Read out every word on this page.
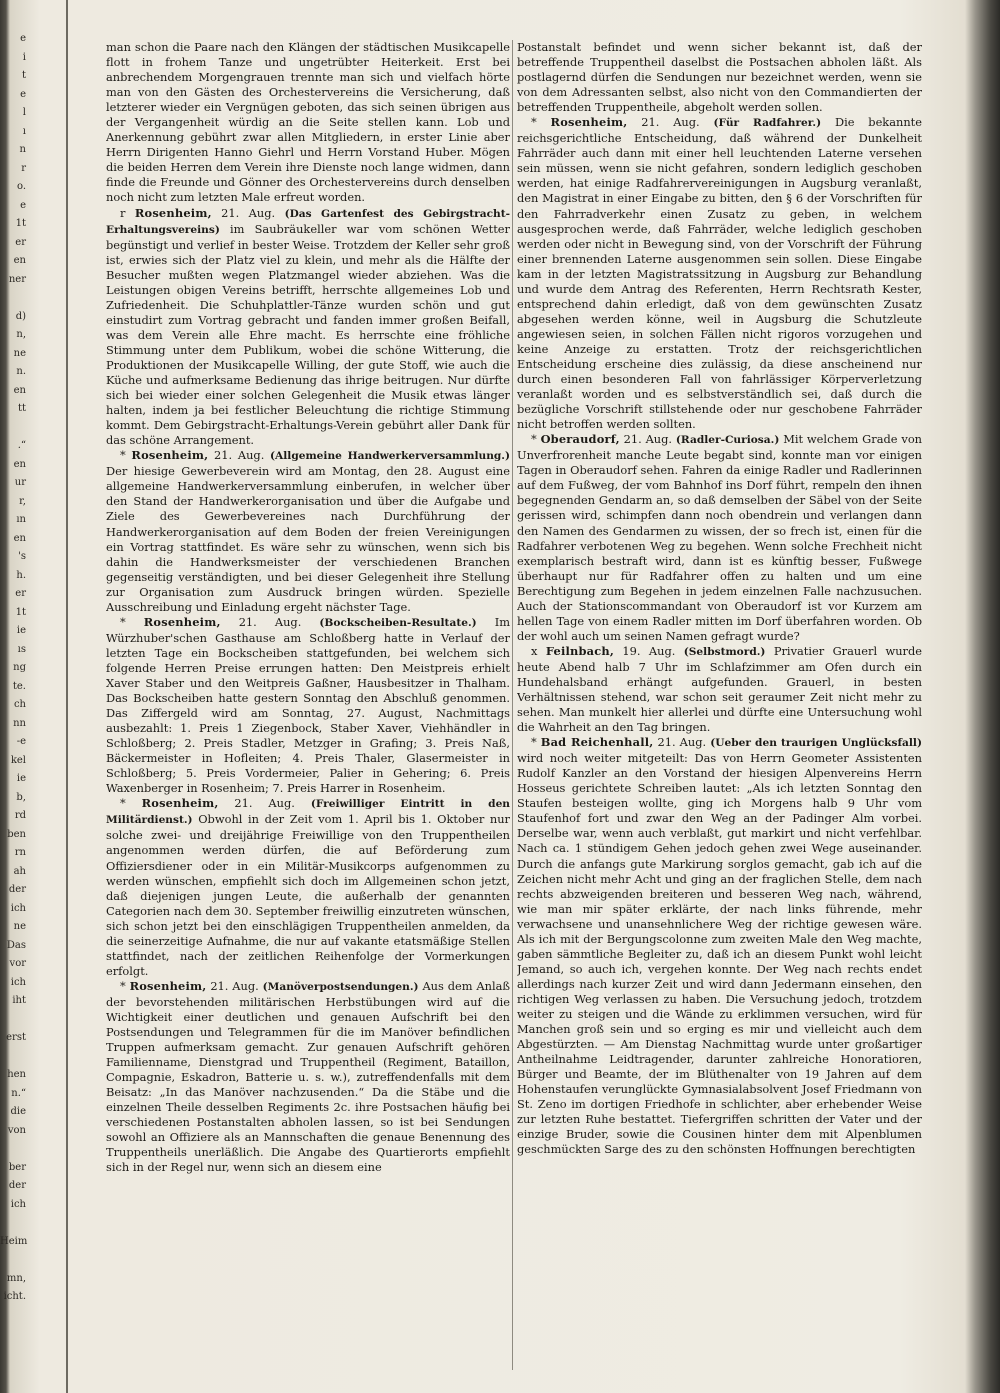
e
i
t
e
l
ı
n
r
o.
e
1t
er
en
ner

d)
n,
ne
n.
en
tt

.“
en
ur
r,
ın
en
's
h.
er
1t
ie
ıs
ng
te.
ch
nn
-e
kel
ie
b,
rd
ben
rn
ah
der
ich
ne
Das
vor
ich
iht

erst

hen
n.“
die
von

ber
der
ich

Heim

mn,
icht.

man schon die Paare nach den Klängen der städtischen Musikcapelle flott in frohem Tanze und ungetrübter Heiterkeit. Erst bei anbrechendem Morgengrauen trennte man sich und vielfach hörte man von den Gästen des Orchestervereins die Versicherung, daß letzterer wieder ein Vergnügen geboten, das sich seinen übrigen aus der Vergangenheit würdig an die Seite stellen kann. Lob und Anerkennung gebührt zwar allen Mitgliedern, in erster Linie aber Herrn Dirigenten Hanno Giehrl und Herrn Vorstand Huber. Mögen die beiden Herren dem Verein ihre Dienste noch lange widmen, dann finde die Freunde und Gönner des Orchestervereins durch denselben noch nicht zum letzten Male erfreut worden.

r Rosenheim, 21. Aug. (Das Gartenfest des Gebirgstracht-Erhaltungsvereins) im Saubräukeller war vom schönen Wetter begünstigt und verlief in bester Weise. Trotzdem der Keller sehr groß ist, erwies sich der Platz viel zu klein, und mehr als die Hälfte der Besucher mußten wegen Platzmangel wieder abziehen. Was die Leistungen obigen Vereins betrifft, herrschte allgemeines Lob und Zufriedenheit. Die Schuhplattler-Tänze wurden schön und gut einstudirt zum Vortrag gebracht und fanden immer großen Beifall, was dem Verein alle Ehre macht. Es herrschte eine fröhliche Stimmung unter dem Publikum, wobei die schöne Witterung, die Produktionen der Musikcapelle Willing, der gute Stoff, wie auch die Küche und aufmerksame Bedienung das ihrige beitrugen. Nur dürfte sich bei wieder einer solchen Gelegenheit die Musik etwas länger halten, indem ja bei festlicher Beleuchtung die richtige Stimmung kommt. Dem Gebirgstracht-Erhaltungs-Verein gebührt aller Dank für das schöne Arrangement.

* Rosenheim, 21. Aug. (Allgemeine Handwerkerversammlung.) Der hiesige Gewerbeverein wird am Montag, den 28. August eine allgemeine Handwerkerversammlung einberufen, in welcher über den Stand der Handwerkerorganisation und über die Aufgabe und Ziele des Gewerbevereines nach Durchführung der Handwerkerorganisation auf dem Boden der freien Vereinigungen ein Vortrag stattfindet. Es wäre sehr zu wünschen, wenn sich bis dahin die Handwerksmeister der verschiedenen Branchen gegenseitig verständigten, und bei dieser Gelegenheit ihre Stellung zur Organisation zum Ausdruck bringen würden. Spezielle Ausschreibung und Einladung ergeht nächster Tage.

* Rosenheim, 21. Aug. (Bockscheiben-Resultate.) Im Würzhuber'schen Gasthause am Schloßberg hatte in Verlauf der letzten Tage ein Bockscheiben stattgefunden, bei welchem sich folgende Herren Preise errungen hatten: Den Meistpreis erhielt Xaver Staber und den Weitpreis Gaßner, Hausbesitzer in Thalham. Das Bockscheiben hatte gestern Sonntag den Abschluß genommen. Das Ziffergeld wird am Sonntag, 27. August, Nachmittags ausbezahlt: 1. Preis 1 Ziegenbock, Staber Xaver, Viehhändler in Schloßberg; 2. Preis Stadler, Metzger in Grafing; 3. Preis Naß, Bäckermeister in Hofleiten; 4. Preis Thaler, Glasermeister in Schloßberg; 5. Preis Vordermeier, Palier in Gehering; 6. Preis Waxenberger in Rosenheim; 7. Preis Harrer in Rosenheim.

* Rosenheim, 21. Aug. (Freiwilliger Eintritt in den Militärdienst.) Obwohl in der Zeit vom 1. April bis 1. Oktober nur solche zwei- und dreijährige Freiwillige von den Truppentheilen angenommen werden dürfen, die auf Beförderung zum Offiziersdiener oder in ein Militär-Musikcorps aufgenommen zu werden wünschen, empfiehlt sich doch im Allgemeinen schon jetzt, daß diejenigen jungen Leute, die außerhalb der genannten Categorien nach dem 30. September freiwillig einzutreten wünschen, sich schon jetzt bei den einschlägigen Truppentheilen anmelden, da die seinerzeitige Aufnahme, die nur auf vakante etatsmäßige Stellen stattfindet, nach der zeitlichen Reihenfolge der Vormerkungen erfolgt.

* Rosenheim, 21. Aug. (Manöverpostsendungen.) Aus dem Anlaß der bevorstehenden militärischen Herbstübungen wird auf die Wichtigkeit einer deutlichen und genauen Aufschrift bei den Postsendungen und Telegrammen für die im Manöver befindlichen Truppen aufmerksam gemacht. Zur genauen Aufschrift gehören Familienname, Dienstgrad und Truppentheil (Regiment, Bataillon, Compagnie, Eskadron, Batterie u. s. w.), zutreffendenfalls mit dem Beisatz: „In das Manöver nachzusenden.“ Da die Stäbe und die einzelnen Theile desselben Regiments 2c. ihre Postsachen häufig bei verschiedenen Postanstalten abholen lassen, so ist bei Sendungen sowohl an Offiziere als an Mannschaften die genaue Benennung des Truppentheils unerläßlich. Die Angabe des Quartierorts empfiehlt sich in der Regel nur, wenn sich an diesem eine

Postanstalt befindet und wenn sicher bekannt ist, daß der betreffende Truppentheil daselbst die Postsachen abholen läßt. Als postlagernd dürfen die Sendungen nur bezeichnet werden, wenn sie von dem Adressanten selbst, also nicht von den Commandierten der betreffenden Truppentheile, abgeholt werden sollen.

* Rosenheim, 21. Aug. (Für Radfahrer.) Die bekannte reichsgerichtliche Entscheidung, daß während der Dunkelheit Fahrräder auch dann mit einer hell leuchtenden Laterne versehen sein müssen, wenn sie nicht gefahren, sondern lediglich geschoben werden, hat einige Radfahrervereinigungen in Augsburg veranlaßt, den Magistrat in einer Eingabe zu bitten, den § 6 der Vorschriften für den Fahrradverkehr einen Zusatz zu geben, in welchem ausgesprochen werde, daß Fahrräder, welche lediglich geschoben werden oder nicht in Bewegung sind, von der Vorschrift der Führung einer brennenden Laterne ausgenommen sein sollen. Diese Eingabe kam in der letzten Magistratssitzung in Augsburg zur Behandlung und wurde dem Antrag des Referenten, Herrn Rechtsrath Kester, entsprechend dahin erledigt, daß von dem gewünschten Zusatz abgesehen werden könne, weil in Augsburg die Schutzleute angewiesen seien, in solchen Fällen nicht rigoros vorzugehen und keine Anzeige zu erstatten. Trotz der reichsgerichtlichen Entscheidung erscheine dies zulässig, da diese anscheinend nur durch einen besonderen Fall von fahrlässiger Körperverletzung veranlaßt worden und es selbstverständlich sei, daß durch die bezügliche Vorschrift stillstehende oder nur geschobene Fahrräder nicht betroffen werden sollten.

* Oberaudorf, 21. Aug. (Radler-Curiosa.) Mit welchem Grade von Unverfrorenheit manche Leute begabt sind, konnte man vor einigen Tagen in Oberaudorf sehen. Fahren da einige Radler und Radlerinnen auf dem Fußweg, der vom Bahnhof ins Dorf führt, rempeln den ihnen begegnenden Gendarm an, so daß demselben der Säbel von der Seite gerissen wird, schimpfen dann noch obendrein und verlangen dann den Namen des Gendarmen zu wissen, der so frech ist, einen für die Radfahrer verbotenen Weg zu begehen. Wenn solche Frechheit nicht exemplarisch bestraft wird, dann ist es künftig besser, Fußwege überhaupt nur für Radfahrer offen zu halten und um eine Berechtigung zum Begehen in jedem einzelnen Falle nachzusuchen. Auch der Stationscommandant von Oberaudorf ist vor Kurzem am hellen Tage von einem Radler mitten im Dorf überfahren worden. Ob der wohl auch um seinen Namen gefragt wurde?

x Feilnbach, 19. Aug. (Selbstmord.) Privatier Grauerl wurde heute Abend halb 7 Uhr im Schlafzimmer am Ofen durch ein Hundehalsband erhängt aufgefunden. Grauerl, in besten Verhältnissen stehend, war schon seit geraumer Zeit nicht mehr zu sehen. Man munkelt hier allerlei und dürfte eine Untersuchung wohl die Wahrheit an den Tag bringen.

* Bad Reichenhall, 21. Aug. (Ueber den traurigen Unglücksfall) wird noch weiter mitgeteilt: Das von Herrn Geometer Assistenten Rudolf Kanzler an den Vorstand der hiesigen Alpenvereins Herrn Hosseus gerichtete Schreiben lautet: „Als ich letzten Sonntag den Staufen besteigen wollte, ging ich Morgens halb 9 Uhr vom Staufenhof fort und zwar den Weg an der Padinger Alm vorbei. Derselbe war, wenn auch verblaßt, gut markirt und nicht verfehlbar. Nach ca. 1 stündigem Gehen jedoch gehen zwei Wege auseinander. Durch die anfangs gute Markirung sorglos gemacht, gab ich auf die Zeichen nicht mehr Acht und ging an der fraglichen Stelle, dem nach rechts abzweigenden breiteren und besseren Weg nach, während, wie man mir später erklärte, der nach links führende, mehr verwachsene und unansehnlichere Weg der richtige gewesen wäre. Als ich mit der Bergungscolonne zum zweiten Male den Weg machte, gaben sämmtliche Begleiter zu, daß ich an diesem Punkt wohl leicht Jemand, so auch ich, vergehen konnte. Der Weg nach rechts endet allerdings nach kurzer Zeit und wird dann Jedermann einsehen, den richtigen Weg verlassen zu haben. Die Versuchung jedoch, trotzdem weiter zu steigen und die Wände zu erklimmen versuchen, wird für Manchen groß sein und so erging es mir und vielleicht auch dem Abgestürzten. — Am Dienstag Nachmittag wurde unter großartiger Antheilnahme Leidtragender, darunter zahlreiche Honoratioren, Bürger und Beamte, der im Blüthenalter von 19 Jahren auf dem Hohenstaufen verunglückte Gymnasialabsolvent Josef Friedmann von St. Zeno im dortigen Friedhofe in schlichter, aber erhebender Weise zur letzten Ruhe bestattet. Tiefergriffen schritten der Vater und der einzige Bruder, sowie die Cousinen hinter dem mit Alpenblumen geschmückten Sarge des zu den schönsten Hoffnungen berechtigten
